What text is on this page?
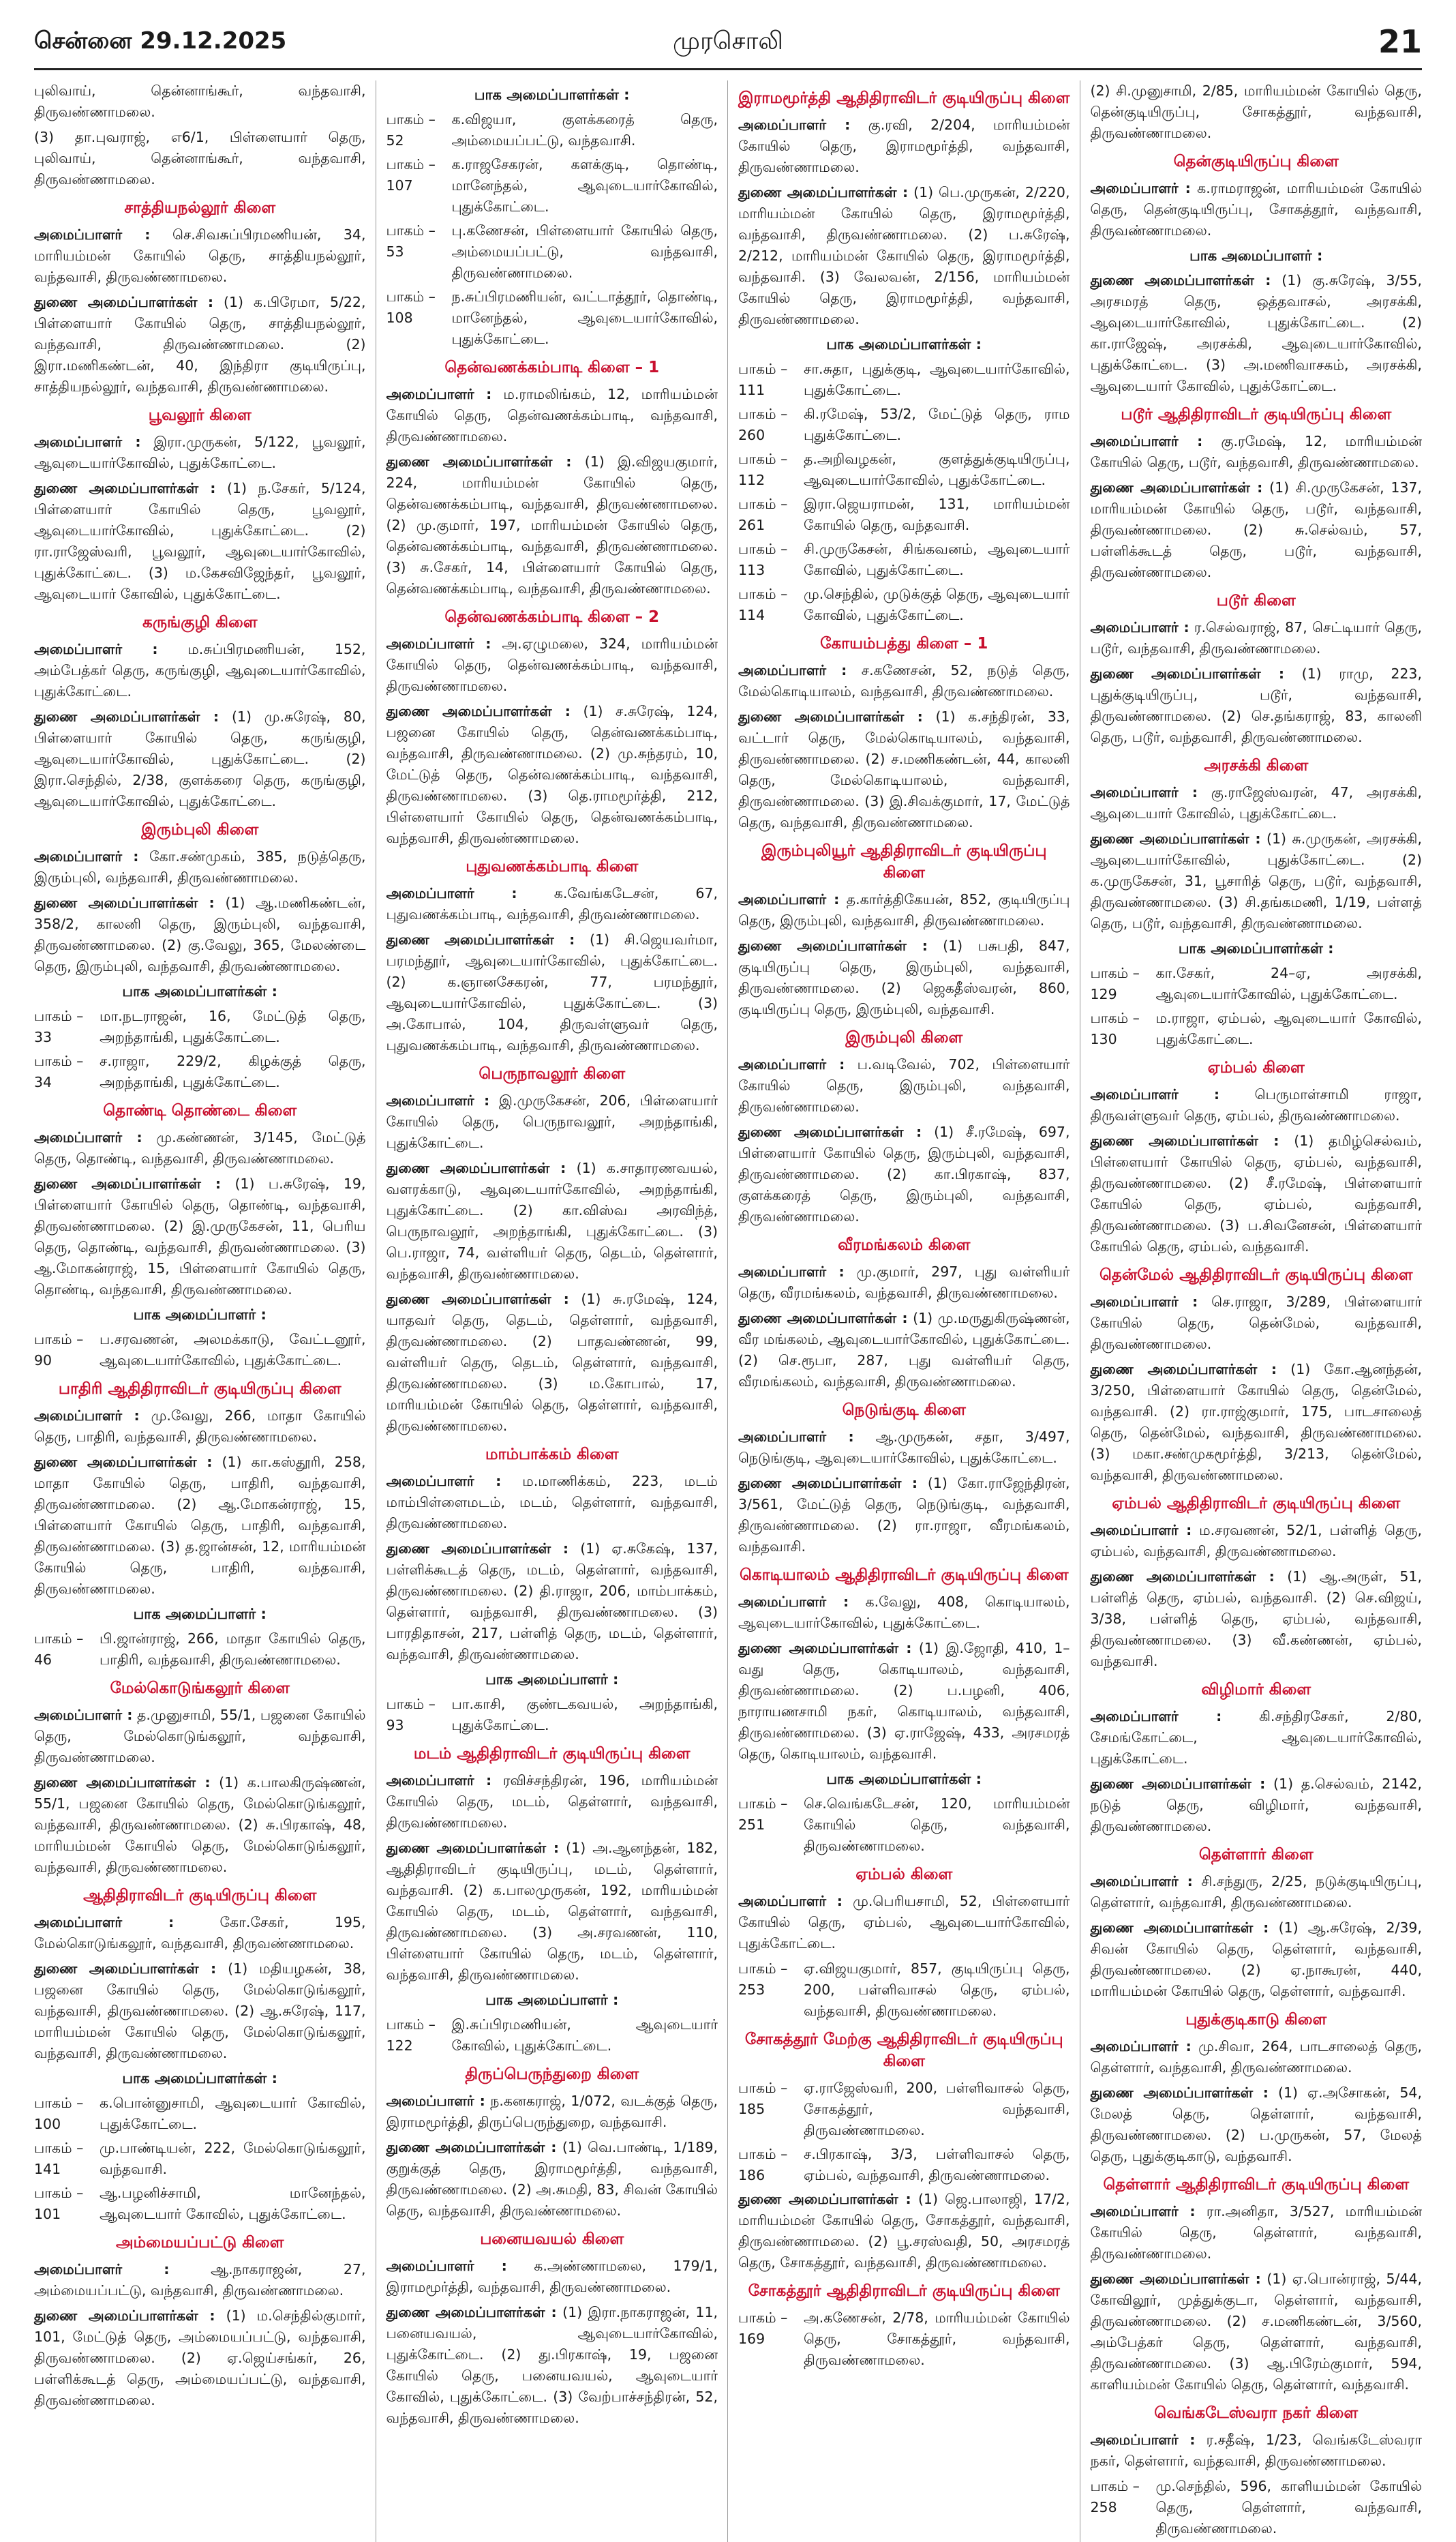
சென்னை 29.12.2025	முரசொலி	21

புலிவாய், தென்னாங்கூர், வந்தவாசி, திருவண்ணாமலை.

(3) தா.புவராஜ், எ6/1, பிள்ளையார் தெரு, புலிவாய், தென்னாங்கூர், வந்தவாசி, திருவண்ணாமலை.

சாத்தியநல்லூர் கிளை

அமைப்பாளர் : செ.சிவசுப்பிரமணியன், 34, மாரியம்மன் கோயில் தெரு, சாத்தியநல்லூர், வந்தவாசி, திருவண்ணாமலை.

துணை அமைப்பாளர்கள் : (1) க.பிரேமா, 5/22, பிள்ளையார் கோயில் தெரு, சாத்தியநல்லூர், வந்தவாசி, திருவண்ணாமலை. (2) இரா.மணிகண்டன், 40, இந்திரா குடியிருப்பு, சாத்தியநல்லூர், வந்தவாசி, திருவண்ணாமலை.

பூவலூர் கிளை

அமைப்பாளர் : இரா.முருகன், 5/122, பூவலூர், ஆவுடையார்கோவில், புதுக்கோட்டை.

துணை அமைப்பாளர்கள் : (1) ந.சேகர், 5/124, பிள்ளையார் கோயில் தெரு, பூவலூர், ஆவுடையார்கோவில், புதுக்கோட்டை. (2) ரா.ராஜேஸ்வரி, பூவலூர், ஆவுடையார்கோவில், புதுக்கோட்டை. (3) ம.கேசவிஜேந்தர், பூவலூர், ஆவுடையார் கோவில், புதுக்கோட்டை.

கருங்குழி கிளை

அமைப்பாளர் : ம.சுப்பிரமணியன், 152, அம்பேத்கர் தெரு, கருங்குழி, ஆவுடையார்கோவில், புதுக்கோட்டை.

துணை அமைப்பாளர்கள் : (1) மு.சுரேஷ், 80, பிள்ளையார் கோயில் தெரு, கருங்குழி, ஆவுடையார்கோவில், புதுக்கோட்டை. (2) இரா.செந்தில், 2/38, குளக்கரை தெரு, கருங்குழி, ஆவுடையார்கோவில், புதுக்கோட்டை.

இரும்புலி கிளை

அமைப்பாளர் : கோ.சண்முகம், 385, நடுத்தெரு, இரும்புலி, வந்தவாசி, திருவண்ணாமலை.

துணை அமைப்பாளர்கள் : (1) ஆ.மணிகண்டன், 358/2, காலனி தெரு, இரும்புலி, வந்தவாசி, திருவண்ணாமலை. (2) கு.வேலு, 365, மேலண்டை தெரு, இரும்புலி, வந்தவாசி, திருவண்ணாமலை.

பாக அமைப்பாளர்கள் :
பாகம் – 33
மா.நடராஜன், 16, மேட்டுத் தெரு, அறந்தாங்கி, புதுக்கோட்டை.
பாகம் – 34
ச.ராஜா, 229/2, கிழக்குத் தெரு, அறந்தாங்கி, புதுக்கோட்டை.
தொண்டி தொண்டை கிளை

அமைப்பாளர் : மு.கண்ணன், 3/145, மேட்டுத் தெரு, தொண்டி, வந்தவாசி, திருவண்ணாமலை.

துணை அமைப்பாளர்கள் : (1) ப.சுரேஷ், 19, பிள்ளையார் கோயில் தெரு, தொண்டி, வந்தவாசி, திருவண்ணாமலை. (2) இ.முருகேசன், 11, பெரிய தெரு, தொண்டி, வந்தவாசி, திருவண்ணாமலை. (3) ஆ.மோகன்ராஜ், 15, பிள்ளையார் கோயில் தெரு, தொண்டி, வந்தவாசி, திருவண்ணாமலை.

பாக அமைப்பாளர் :
பாகம் – 90
ப.சரவணன், அலமக்காடு, வேட்டனூர், ஆவுடையார்கோவில், புதுக்கோட்டை.
பாதிரி ஆதிதிராவிடர் குடியிருப்பு கிளை

அமைப்பாளர் : மு.வேலு, 266, மாதா கோயில் தெரு, பாதிரி, வந்தவாசி, திருவண்ணாமலை.

துணை அமைப்பாளர்கள் : (1) கா.கஸ்தூரி, 258, மாதா கோயில் தெரு, பாதிரி, வந்தவாசி, திருவண்ணாமலை. (2) ஆ.மோகன்ராஜ், 15, பிள்ளையார் கோயில் தெரு, பாதிரி, வந்தவாசி, திருவண்ணாமலை. (3) த.ஜான்சன், 12, மாரியம்மன் கோயில் தெரு, பாதிரி, வந்தவாசி, திருவண்ணாமலை.

பாக அமைப்பாளர் :
பாகம் – 46
பி.ஜான்ராஜ், 266, மாதா கோயில் தெரு, பாதிரி, வந்தவாசி, திருவண்ணாமலை.
மேல்கொடுங்கலூர் கிளை

அமைப்பாளர் : த.முனுசாமி, 55/1, பஜனை கோயில் தெரு, மேல்கொடுங்கலூர், வந்தவாசி, திருவண்ணாமலை.

துணை அமைப்பாளர்கள் : (1) க.பாலகிருஷ்ணன், 55/1, பஜனை கோயில் தெரு, மேல்கொடுங்கலூர், வந்தவாசி, திருவண்ணாமலை. (2) சு.பிரகாஷ், 48, மாரியம்மன் கோயில் தெரு, மேல்கொடுங்கலூர், வந்தவாசி, திருவண்ணாமலை.

ஆதிதிராவிடர் குடியிருப்பு கிளை

அமைப்பாளர் :	கோ.சேகர், 195, மேல்கொடுங்கலூர், வந்தவாசி, திருவண்ணாமலை.

துணை அமைப்பாளர்கள் : (1) மதியழகன், 38, பஜனை கோயில் தெரு, மேல்கொடுங்கலூர், வந்தவாசி, திருவண்ணாமலை. (2) ஆ.சுரேஷ், 117, மாரியம்மன் கோயில் தெரு, மேல்கொடுங்கலூர், வந்தவாசி, திருவண்ணாமலை.

பாக அமைப்பாளர்கள் :
பாகம் – 100
க.பொன்னுசாமி, ஆவுடையார் கோவில், புதுக்கோட்டை.
பாகம் – 141
மு.பாண்டியன், 222, மேல்கொடுங்கலூர், வந்தவாசி.
பாகம் – 101
ஆ.பழனிச்சாமி, மானேந்தல், ஆவுடையார் கோவில், புதுக்கோட்டை.
அம்மையப்பட்டு கிளை

அமைப்பாளர் :	ஆ.நாகராஜன், 27, அம்மையப்பட்டு, வந்தவாசி, திருவண்ணாமலை.

துணை அமைப்பாளர்கள் : (1) ம.செந்தில்குமார், 101, மேட்டுத் தெரு, அம்மையப்பட்டு, வந்தவாசி, திருவண்ணாமலை. (2) ஏ.ஜெய்சங்கர், 26, பள்ளிக்கூடத் தெரு, அம்மையப்பட்டு, வந்தவாசி, திருவண்ணாமலை.

பாக அமைப்பாளர்கள் :
பாகம் – 52
க.விஜயா, குளக்கரைத் தெரு, அம்மையப்பட்டு, வந்தவாசி.
பாகம் – 107
க.ராஜசேகரன், களக்குடி, தொண்டி, மானேந்தல், ஆவுடையார்கோவில், புதுக்கோட்டை.
பாகம் – 53
பு.கணேசன், பிள்ளையார் கோயில் தெரு, அம்மையப்பட்டு, வந்தவாசி, திருவண்ணாமலை.
பாகம் – 108
ந.சுப்பிரமணியன், வட்டாத்தூர், தொண்டி, மானேந்தல், ஆவுடையார்கோவில், புதுக்கோட்டை.
தென்வணக்கம்பாடி கிளை – 1

அமைப்பாளர் : ம.ராமலிங்கம், 12, மாரியம்மன் கோயில் தெரு, தென்வணக்கம்பாடி, வந்தவாசி, திருவண்ணாமலை.

துணை அமைப்பாளர்கள் : (1) இ.விஜயகுமார், 224, மாரியம்மன் கோயில் தெரு, தென்வணக்கம்பாடி, வந்தவாசி, திருவண்ணாமலை. (2) மு.குமார், 197, மாரியம்மன் கோயில் தெரு, தென்வணக்கம்பாடி, வந்தவாசி, திருவண்ணாமலை. (3) சு.சேகர், 14, பிள்ளையார் கோயில் தெரு, தென்வணக்கம்பாடி, வந்தவாசி, திருவண்ணாமலை.

தென்வணக்கம்பாடி கிளை – 2

அமைப்பாளர் : அ.ஏழுமலை, 324, மாரியம்மன் கோயில் தெரு, தென்வணக்கம்பாடி, வந்தவாசி, திருவண்ணாமலை.

துணை அமைப்பாளர்கள் : (1) ச.சுரேஷ், 124, பஜனை கோயில் தெரு, தென்வணக்கம்பாடி, வந்தவாசி, திருவண்ணாமலை. (2) மு.சுந்தரம், 10, மேட்டுத் தெரு, தென்வணக்கம்பாடி, வந்தவாசி, திருவண்ணாமலை. (3) தெ.ராமமூர்த்தி, 212, பிள்ளையார் கோயில் தெரு, தென்வணக்கம்பாடி, வந்தவாசி, திருவண்ணாமலை.

புதுவணக்கம்பாடி கிளை

அமைப்பாளர் :	க.வேங்கடேசன், 67, புதுவணக்கம்பாடி, வந்தவாசி, திருவண்ணாமலை.

துணை அமைப்பாளர்கள் : (1) சி.ஜெயவர்மா, பரமந்தூர், ஆவுடையார்கோவில், புதுக்கோட்டை. (2) க.ஞானசேகரன், 77, பரமந்தூர், ஆவுடையார்கோவில், புதுக்கோட்டை. (3) அ.கோபால், 104, திருவள்ளுவர் தெரு, புதுவணக்கம்பாடி, வந்தவாசி, திருவண்ணாமலை.

பெருநாவலூர் கிளை

அமைப்பாளர் : இ.முருகேசன், 206, பிள்ளையார் கோயில் தெரு, பெருநாவலூர், அறந்தாங்கி, புதுக்கோட்டை.

துணை அமைப்பாளர்கள் : (1) க.சாதாரணவயல், வளரக்காடு, ஆவுடையார்கோவில், அறந்தாங்கி, புதுக்கோட்டை. (2) கா.விஸ்வ அரவிந்த், பெருநாவலூர், அறந்தாங்கி, புதுக்கோட்டை. (3) பெ.ராஜா, 74, வள்ளியர் தெரு, தெடம், தெள்ளார், வந்தவாசி, திருவண்ணாமலை.

துணை அமைப்பாளர்கள் : (1) சு.ரமேஷ், 124, யாதவர் தெரு, தெடம், தெள்ளார், வந்தவாசி, திருவண்ணாமலை. (2) பாதவண்ணன், 99, வள்ளியர் தெரு, தெடம், தெள்ளார், வந்தவாசி, திருவண்ணாமலை. (3) ம.கோபால், 17, மாரியம்மன் கோயில் தெரு, தெள்ளார், வந்தவாசி, திருவண்ணாமலை.

மாம்பாக்கம் கிளை

அமைப்பாளர் : ம.மாணிக்கம், 223, மடம் மாம்பிள்ளைமடம், மடம், தெள்ளார், வந்தவாசி, திருவண்ணாமலை.

துணை அமைப்பாளர்கள் : (1) ஏ.சுகேஷ், 137, பள்ளிக்கூடத் தெரு, மடம், தெள்ளார், வந்தவாசி, திருவண்ணாமலை. (2) தி.ராஜா, 206, மாம்பாக்கம், தெள்ளார், வந்தவாசி, திருவண்ணாமலை. (3) பாரதிதாசன், 217, பள்ளித் தெரு, மடம், தெள்ளார், வந்தவாசி, திருவண்ணாமலை.

பாக அமைப்பாளர் :
பாகம் – 93
பா.காசி, குண்டகவயல், அறந்தாங்கி, புதுக்கோட்டை.
மடம் ஆதிதிராவிடர் குடியிருப்பு கிளை

அமைப்பாளர் : ரவிச்சந்திரன், 196, மாரியம்மன் கோயில் தெரு, மடம், தெள்ளார், வந்தவாசி, திருவண்ணாமலை.

துணை அமைப்பாளர்கள் : (1) அ.ஆனந்தன், 182, ஆதிதிராவிடர் குடியிருப்பு, மடம், தெள்ளார், வந்தவாசி. (2) க.பாலமுருகன், 192, மாரியம்மன் கோயில் தெரு, மடம், தெள்ளார், வந்தவாசி, திருவண்ணாமலை. (3) அ.சரவணன், 110, பிள்ளையார் கோயில் தெரு, மடம், தெள்ளார், வந்தவாசி, திருவண்ணாமலை.

பாக அமைப்பாளர் :
பாகம் – 122
இ.சுப்பிரமணியன், ஆவுடையார் கோவில், புதுக்கோட்டை.
திருப்பெருந்துறை கிளை

அமைப்பாளர் : ந.கனகராஜ், 1/072, வடக்குத் தெரு, இராமமூர்த்தி, திருப்பெருந்துறை, வந்தவாசி.

துணை அமைப்பாளர்கள் : (1) வெ.பாண்டி, 1/189, குறுக்குத் தெரு, இராமமூர்த்தி, வந்தவாசி, திருவண்ணாமலை. (2) அ.சுமதி, 83, சிவன் கோயில் தெரு, வந்தவாசி, திருவண்ணாமலை.

பனையவயல் கிளை

அமைப்பாளர் : க.அண்ணாமலை, 179/1, இராமமூர்த்தி, வந்தவாசி, திருவண்ணாமலை.

துணை அமைப்பாளர்கள் : (1) இரா.நாகராஜன், 11, பனையவயல், ஆவுடையார்கோவில், புதுக்கோட்டை. (2) து.பிரகாஷ், 19, பஜனை கோயில் தெரு, பனையவயல், ஆவுடையார் கோவில், புதுக்கோட்டை. (3) வேற்பாச்சந்திரன், 52, வந்தவாசி, திருவண்ணாமலை.

இராமமூர்த்தி ஆதிதிராவிடர் குடியிருப்பு கிளை

அமைப்பாளர் : கு.ரவி, 2/204, மாரியம்மன் கோயில் தெரு, இராமமூர்த்தி, வந்தவாசி, திருவண்ணாமலை.

துணை அமைப்பாளர்கள் : (1) பெ.முருகன், 2/220, மாரியம்மன் கோயில் தெரு, இராமமூர்த்தி, வந்தவாசி, திருவண்ணாமலை. (2) ப.சுரேஷ், 2/212, மாரியம்மன் கோயில் தெரு, இராமமூர்த்தி, வந்தவாசி. (3) வேலவன், 2/156, மாரியம்மன் கோயில் தெரு, இராமமூர்த்தி, வந்தவாசி, திருவண்ணாமலை.

பாக அமைப்பாளர்கள் :
பாகம் – 111
சா.சுதா, புதுக்குடி, ஆவுடையார்கோவில், புதுக்கோட்டை.
பாகம் – 260
கி.ரமேஷ், 53/2, மேட்டுத் தெரு, ராம புதுக்கோட்டை.
பாகம் – 112
த.அறிவழகன், குளத்துக்குடியிருப்பு, ஆவுடையார்கோவில், புதுக்கோட்டை.
பாகம் – 261
இரா.ஜெயராமன், 131, மாரியம்மன் கோயில் தெரு, வந்தவாசி.
பாகம் – 113
சி.முருகேசன், சிங்கவனம், ஆவுடையார் கோவில், புதுக்கோட்டை.
பாகம் – 114
மு.செந்தில், முடுக்குத் தெரு, ஆவுடையார் கோவில், புதுக்கோட்டை.
கோயம்பத்து கிளை – 1

அமைப்பாளர் : ச.கணேசன், 52, நடுத் தெரு, மேல்கொடியாலம், வந்தவாசி, திருவண்ணாமலை.

துணை அமைப்பாளர்கள் : (1) க.சந்திரன், 33, வட்டார் தெரு, மேல்கொடியாலம், வந்தவாசி, திருவண்ணாமலை. (2) ச.மணிகண்டன், 44, காலனி தெரு, மேல்கொடியாலம், வந்தவாசி, திருவண்ணாமலை. (3) இ.சிவக்குமார், 17, மேட்டுத் தெரு, வந்தவாசி, திருவண்ணாமலை.

இரும்புலியூர் ஆதிதிராவிடர் குடியிருப்பு கிளை

அமைப்பாளர் : த.கார்த்திகேயன், 852, குடியிருப்பு தெரு, இரும்புலி, வந்தவாசி, திருவண்ணாமலை.

துணை அமைப்பாளர்கள் : (1) பசுபதி, 847, குடியிருப்பு தெரு, இரும்புலி, வந்தவாசி, திருவண்ணாமலை. (2) ஜெகதீஸ்வரன், 860, குடியிருப்பு தெரு, இரும்புலி, வந்தவாசி.

இரும்புலி கிளை

அமைப்பாளர் : ப.வடிவேல், 702, பிள்ளையார் கோயில் தெரு, இரும்புலி, வந்தவாசி, திருவண்ணாமலை.

துணை அமைப்பாளர்கள் : (1) சீ.ரமேஷ், 697, பிள்ளையார் கோயில் தெரு, இரும்புலி, வந்தவாசி, திருவண்ணாமலை. (2) கா.பிரகாஷ், 837, குளக்கரைத் தெரு, இரும்புலி, வந்தவாசி, திருவண்ணாமலை.

வீரமங்கலம் கிளை

அமைப்பாளர் : மு.குமார், 297, புது வள்ளியர் தெரு, வீரமங்கலம், வந்தவாசி, திருவண்ணாமலை.

துணை அமைப்பாளர்கள் : (1) மு.மருதுகிருஷ்ணன், வீர மங்கலம், ஆவுடையார்கோவில், புதுக்கோட்டை. (2) செ.ரூபா, 287, புது வள்ளியர் தெரு, வீரமங்கலம், வந்தவாசி, திருவண்ணாமலை.

நெடுங்குடி கிளை

அமைப்பாளர் : ஆ.முருகன், சதா, 3/497, நெடுங்குடி, ஆவுடையார்கோவில், புதுக்கோட்டை.

துணை அமைப்பாளர்கள் : (1) கோ.ராஜேந்திரன், 3/561, மேட்டுத் தெரு, நெடுங்குடி, வந்தவாசி, திருவண்ணாமலை. (2) ரா.ராஜா, வீரமங்கலம், வந்தவாசி.

கொடியாலம் ஆதிதிராவிடர் குடியிருப்பு கிளை

அமைப்பாளர் : க.வேலு, 408, கொடியாலம், ஆவுடையார்கோவில், புதுக்கோட்டை.

துணை அமைப்பாளர்கள் : (1) இ.ஜோதி, 410, 1–வது தெரு, கொடியாலம், வந்தவாசி, திருவண்ணாமலை. (2) ப.பழனி, 406, நாராயணசாமி நகர், கொடியாலம், வந்தவாசி, திருவண்ணாமலை. (3) ஏ.ராஜேஷ், 433, அரசமரத் தெரு, கொடியாலம், வந்தவாசி.

பாக அமைப்பாளர்கள் :
பாகம் – 251
செ.வெங்கடேசன், 120, மாரியம்மன் கோயில் தெரு, வந்தவாசி, திருவண்ணாமலை.
ஏம்பல் கிளை

அமைப்பாளர் : மு.பெரியசாமி, 52, பிள்ளையார் கோயில் தெரு, ஏம்பல், ஆவுடையார்கோவில், புதுக்கோட்டை.

பாகம் – 253
ஏ.விஜயகுமார், 857, குடியிருப்பு தெரு, 200, பள்ளிவாசல் தெரு, ஏம்பல், வந்தவாசி, திருவண்ணாமலை.
சோகத்தூர் மேற்கு ஆதிதிராவிடர் குடியிருப்பு கிளை
பாகம் – 185
ஏ.ராஜேஸ்வரி, 200, பள்ளிவாசல் தெரு, சோகத்தூர், வந்தவாசி, திருவண்ணாமலை.
பாகம் – 186
ச.பிரகாஷ், 3/3, பள்ளிவாசல் தெரு, ஏம்பல், வந்தவாசி, திருவண்ணாமலை.

துணை அமைப்பாளர்கள் : (1) ஜெ.பாலாஜி, 17/2, மாரியம்மன் கோயில் தெரு, சோகத்தூர், வந்தவாசி, திருவண்ணாமலை. (2) பூ.சரஸ்வதி, 50, அரசமரத் தெரு, சோகத்தூர், வந்தவாசி, திருவண்ணாமலை.

சோகத்தூர் ஆதிதிராவிடர் குடியிருப்பு கிளை
பாகம் – 169
அ.கணேசன், 2/78, மாரியம்மன் கோயில் தெரு, சோகத்தூர், வந்தவாசி, திருவண்ணாமலை.

(2) சி.முனுசாமி, 2/85, மாரியம்மன் கோயில் தெரு, தென்குடியிருப்பு, சோகத்தூர், வந்தவாசி, திருவண்ணாமலை.

தென்குடியிருப்பு கிளை

அமைப்பாளர் : க.ராமராஜன், மாரியம்மன் கோயில் தெரு, தென்குடியிருப்பு, சோகத்தூர், வந்தவாசி, திருவண்ணாமலை.

பாக அமைப்பாளர் :

துணை அமைப்பாளர்கள் : (1) கு.சுரேஷ், 3/55, அரசமரத் தெரு, ஒத்தவாசல், அரசக்கி, ஆவுடையார்கோவில், புதுக்கோட்டை. (2) கா.ராஜேஷ், அரசக்கி, ஆவுடையார்கோவில், புதுக்கோட்டை. (3) அ.மணிவாசகம், அரசக்கி, ஆவுடையார் கோவில், புதுக்கோட்டை.

படூர் ஆதிதிராவிடர் குடியிருப்பு கிளை

அமைப்பாளர் : கு.ரமேஷ், 12, மாரியம்மன் கோயில் தெரு, படூர், வந்தவாசி, திருவண்ணாமலை.

துணை அமைப்பாளர்கள் : (1) சி.முருகேசன், 137, மாரியம்மன் கோயில் தெரு, படூர், வந்தவாசி, திருவண்ணாமலை. (2) சு.செல்வம், 57, பள்ளிக்கூடத் தெரு, படூர், வந்தவாசி, திருவண்ணாமலை.

படூர் கிளை

அமைப்பாளர் : ர.செல்வராஜ், 87, செட்டியார் தெரு, படூர், வந்தவாசி, திருவண்ணாமலை.

துணை அமைப்பாளர்கள் : (1) ராமு, 223, புதுக்குடியிருப்பு, படூர், வந்தவாசி, திருவண்ணாமலை. (2) செ.தங்கராஜ், 83, காலனி தெரு, படூர், வந்தவாசி, திருவண்ணாமலை.

அரசக்கி கிளை

அமைப்பாளர் : கு.ராஜேஸ்வரன், 47, அரசக்கி, ஆவுடையார் கோவில், புதுக்கோட்டை.

துணை அமைப்பாளர்கள் : (1) சு.முருகன், அரசக்கி, ஆவுடையார்கோவில், புதுக்கோட்டை. (2) க.முருகேசன், 31, பூசாரித் தெரு, படூர், வந்தவாசி, திருவண்ணாமலை. (3) சி.தங்கமணி, 1/19, பள்ளத் தெரு, படூர், வந்தவாசி, திருவண்ணாமலை.

பாக அமைப்பாளர்கள் :
பாகம் – 129
கா.சேகர், 24–ஏ, அரசக்கி, ஆவுடையார்கோவில், புதுக்கோட்டை.
பாகம் – 130
ம.ராஜா, ஏம்பல், ஆவுடையார் கோவில், புதுக்கோட்டை.
ஏம்பல் கிளை

அமைப்பாளர் :	பெருமாள்சாமி ராஜா, திருவள்ளுவர் தெரு, ஏம்பல், திருவண்ணாமலை.

துணை அமைப்பாளர்கள் : (1) தமிழ்செல்வம், பிள்ளையார் கோயில் தெரு, ஏம்பல், வந்தவாசி, திருவண்ணாமலை. (2) சீ.ரமேஷ், பிள்ளையார் கோயில் தெரு, ஏம்பல், வந்தவாசி, திருவண்ணாமலை. (3) ப.சிவனேசன், பிள்ளையார் கோயில் தெரு, ஏம்பல், வந்தவாசி.

தென்மேல் ஆதிதிராவிடர் குடியிருப்பு கிளை

அமைப்பாளர் : செ.ராஜா, 3/289, பிள்ளையார் கோயில் தெரு, தென்மேல், வந்தவாசி, திருவண்ணாமலை.

துணை அமைப்பாளர்கள் : (1) கோ.ஆனந்தன், 3/250, பிள்ளையார் கோயில் தெரு, தென்மேல், வந்தவாசி. (2) ரா.ராஜ்குமார், 175, பாடசாலைத் தெரு, தென்மேல், வந்தவாசி, திருவண்ணாமலை. (3) மகா.சண்முகமூர்த்தி, 3/213, தென்மேல், வந்தவாசி, திருவண்ணாமலை.

ஏம்பல் ஆதிதிராவிடர் குடியிருப்பு கிளை

அமைப்பாளர் : ம.சரவணன், 52/1, பள்ளித் தெரு, ஏம்பல், வந்தவாசி, திருவண்ணாமலை.

துணை அமைப்பாளர்கள் : (1) ஆ.அருள், 51, பள்ளித் தெரு, ஏம்பல், வந்தவாசி. (2) செ.விஜய், 3/38, பள்ளித் தெரு, ஏம்பல், வந்தவாசி, திருவண்ணாமலை. (3) வீ.கண்ணன், ஏம்பல், வந்தவாசி.

விழிமார் கிளை

அமைப்பாளர் :	கி.சந்திரசேகர், 2/80, சேமங்கோட்டை, ஆவுடையார்கோவில், புதுக்கோட்டை.

துணை அமைப்பாளர்கள் : (1) த.செல்வம், 2142, நடுத் தெரு, விழிமார், வந்தவாசி, திருவண்ணாமலை.

தெள்ளார் கிளை

அமைப்பாளர் : சி.சந்துரு, 2/25, நடுக்குடியிருப்பு, தெள்ளார், வந்தவாசி, திருவண்ணாமலை.

துணை அமைப்பாளர்கள் : (1) ஆ.சுரேஷ், 2/39, சிவன் கோயில் தெரு, தெள்ளார், வந்தவாசி, திருவண்ணாமலை. (2) ஏ.நாகூரன், 440, மாரியம்மன் கோயில் தெரு, தெள்ளார், வந்தவாசி.

புதுக்குடிகாடு கிளை

அமைப்பாளர் : மு.சிவா, 264, பாடசாலைத் தெரு, தெள்ளார், வந்தவாசி, திருவண்ணாமலை.

துணை அமைப்பாளர்கள் : (1) ஏ.அசோகன், 54, மேலத் தெரு, தெள்ளார், வந்தவாசி, திருவண்ணாமலை. (2) ப.முருகன், 57, மேலத் தெரு, புதுக்குடிகாடு, வந்தவாசி.

தெள்ளார் ஆதிதிராவிடர் குடியிருப்பு கிளை

அமைப்பாளர் : ரா.அனிதா, 3/527, மாரியம்மன் கோயில் தெரு, தெள்ளார், வந்தவாசி, திருவண்ணாமலை.

துணை அமைப்பாளர்கள் : (1) ஏ.பொன்ராஜ், 5/44, கோவிலூர், முத்துக்குடா, தெள்ளார், வந்தவாசி, திருவண்ணாமலை. (2) ச.மணிகண்டன், 3/560, அம்பேத்கர் தெரு, தெள்ளார், வந்தவாசி, திருவண்ணாமலை. (3) ஆ.பிரேம்குமார், 594, காளியம்மன் கோயில் தெரு, தெள்ளார், வந்தவாசி.

வெங்கடேஸ்வரா நகர் கிளை

அமைப்பாளர் : ர.சதீஷ், 1/23, வெங்கடேஸ்வரா நகர், தெள்ளார், வந்தவாசி, திருவண்ணாமலை.

பாகம் – 258
மு.செந்தில், 596, காளியம்மன் கோயில் தெரு, தெள்ளார், வந்தவாசி, திருவண்ணாமலை.
